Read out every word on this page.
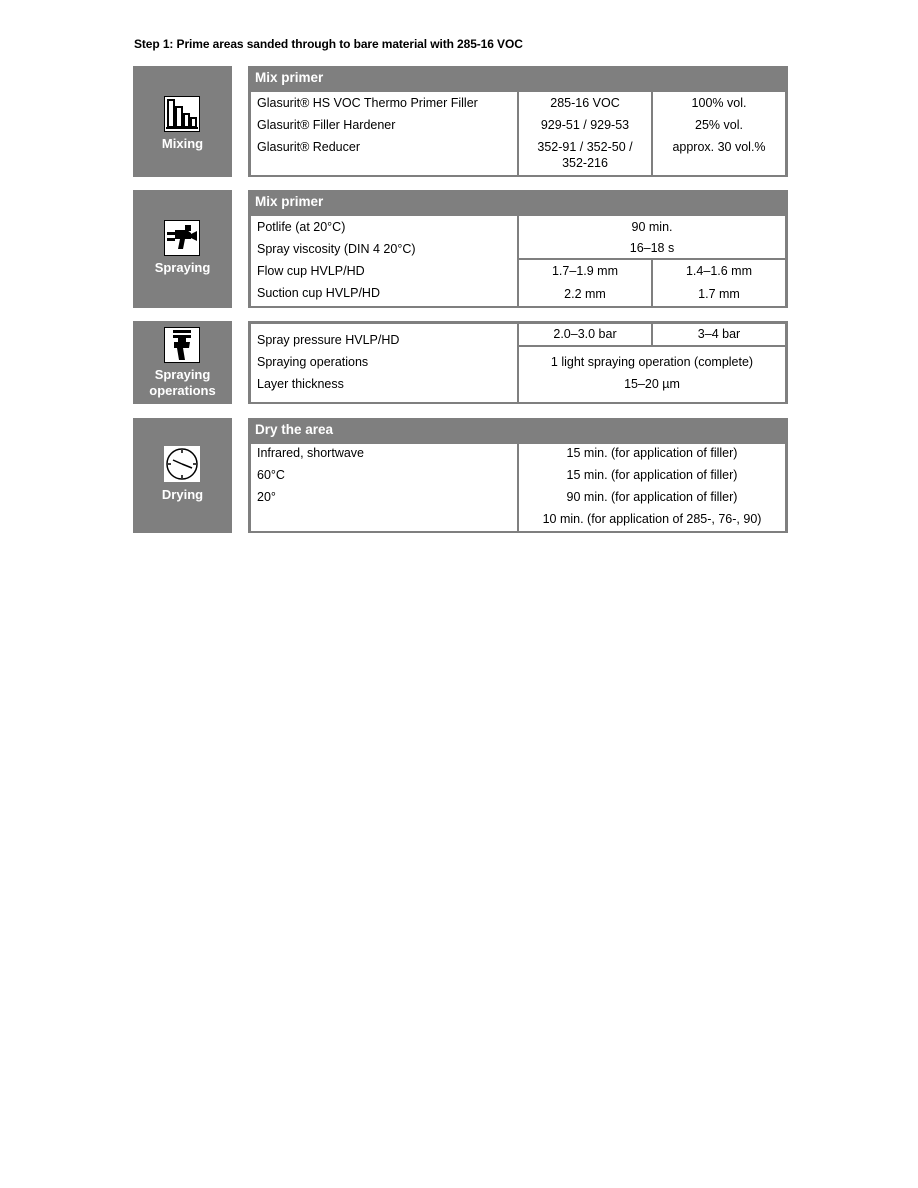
Step 1: Prime areas sanded through to bare material with 285-16 VOC
Mixing
Mix primer
Glasurit® HS VOC Thermo Primer Filler
Glasurit® Filler Hardener
Glasurit® Reducer
285-16 VOC
929-51 / 929-53
352-91 / 352-50 /
352-216
100% vol.
25% vol.
approx. 30 vol.%
Spraying
Mix primer
Potlife (at 20°C)
Spray viscosity (DIN 4 20°C)
Flow cup HVLP/HD
Suction cup HVLP/HD
90 min.
16–18 s
1.7–1.9 mm
2.2 mm
1.4–1.6 mm
1.7 mm
Spraying
operations
Spray pressure HVLP/HD
Spraying operations
Layer thickness
2.0–3.0 bar	3–4 bar
1 light spraying operation (complete)
15–20 µm
Drying
Dry the area
Infrared, shortwave
60°C
20°
15 min. (for application of filler)
15 min. (for application of filler)
90 min. (for application of filler)
10 min. (for application of 285-, 76-, 90)
